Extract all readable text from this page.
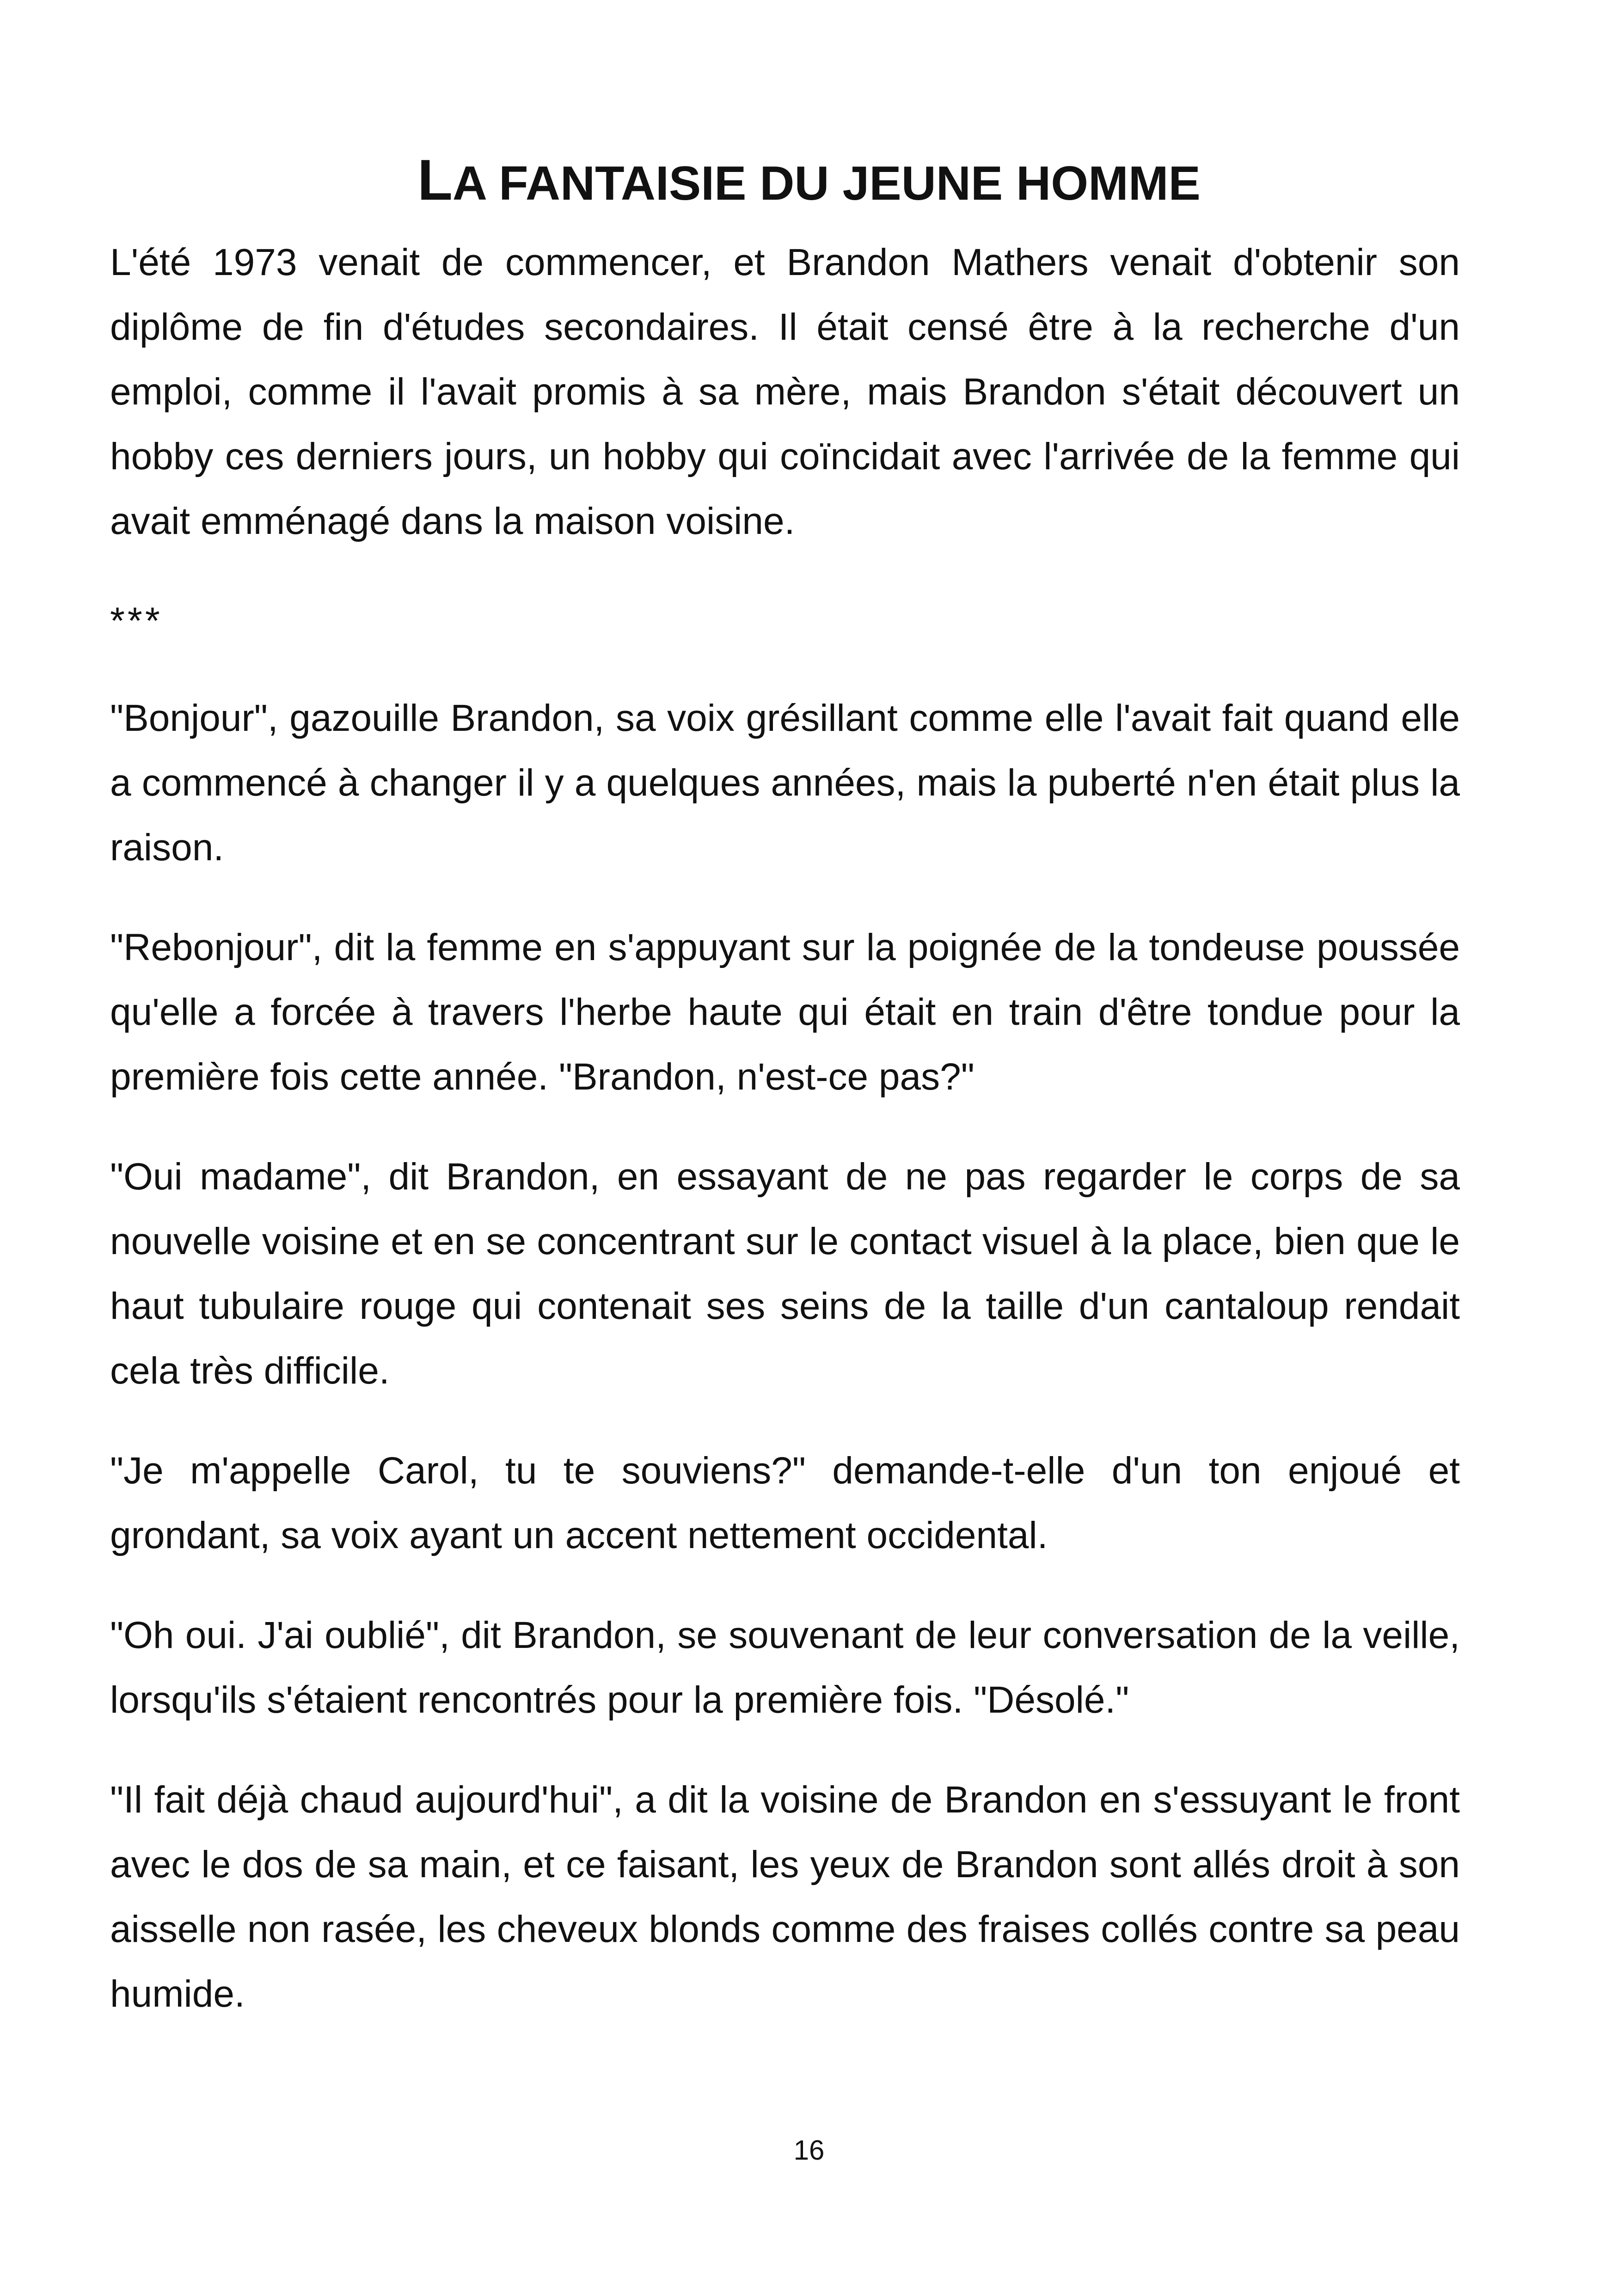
LA FANTAISIE DU JEUNE HOMME

L'été 1973 venait de commencer, et Brandon Mathers venait d'obtenir son diplôme de fin d'études secondaires. Il était censé être à la recherche d'un emploi, comme il l'avait promis à sa mère, mais Brandon s'était découvert un hobby ces derniers jours, un hobby qui coïncidait avec l'arrivée de la femme qui avait emménagé dans la maison voisine.

***

"Bonjour", gazouille Brandon, sa voix grésillant comme elle l'avait fait quand elle a commencé à changer il y a quelques années, mais la puberté n'en était plus la raison.

"Rebonjour", dit la femme en s'appuyant sur la poignée de la tondeuse poussée qu'elle a forcée à travers l'herbe haute qui était en train d'être tondue pour la première fois cette année. "Brandon, n'est-ce pas?"

"Oui madame", dit Brandon, en essayant de ne pas regarder le corps de sa nouvelle voisine et en se concentrant sur le contact visuel à la place, bien que le haut tubulaire rouge qui contenait ses seins de la taille d'un cantaloup rendait cela très difficile.

"Je m'appelle Carol, tu te souviens?" demande-t-elle d'un ton enjoué et grondant, sa voix ayant un accent nettement occidental.

"Oh oui. J'ai oublié", dit Brandon, se souvenant de leur conversation de la veille, lorsqu'ils s'étaient rencontrés pour la première fois. "Désolé."

"Il fait déjà chaud aujourd'hui", a dit la voisine de Brandon en s'essuyant le front avec le dos de sa main, et ce faisant, les yeux de Brandon sont allés droit à son aisselle non rasée, les cheveux blonds comme des fraises collés contre sa peau humide.

16
